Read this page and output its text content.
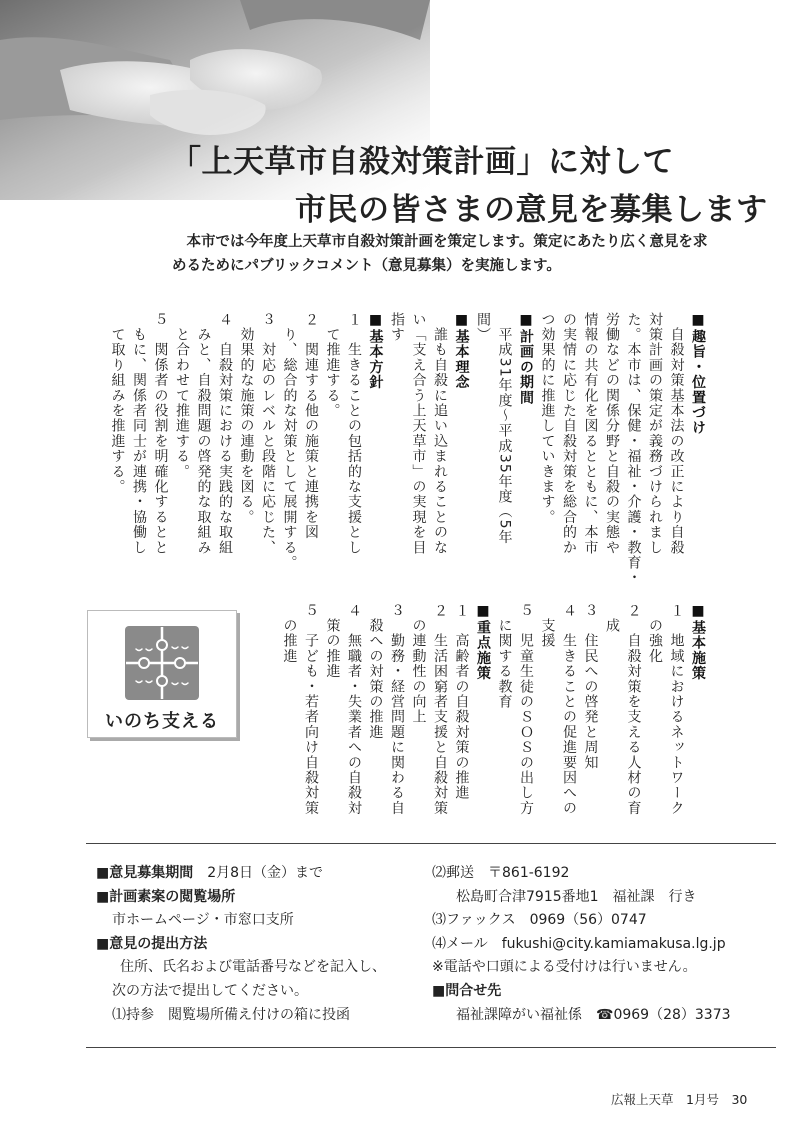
「上天草市自殺対策計画」に対して
市民の皆さまの意見を募集します

　本市では今年度上天草市自殺対策計画を策定します。策定にあたり広く意見を求

めるためにパブリックコメント（意見募集）を実施します。

■趣旨・位置づけ
　自殺対策基本法の改正により自殺
対策計画の策定が義務づけられまし
た。本市は、保健・福祉・介護・教育・
労働などの関係分野と自殺の実態や
情報の共有化を図るとともに、本市
の実情に応じた自殺対策を総合的か
つ効果的に推進していきます。
■計画の期間
　平成31年度〜平成35年度（5年
間）
■基本理念
　誰も自殺に追い込まれることのな
い「支え合う上天草市」の実現を目
指す
■基本方針
１　生きることの包括的な支援とし
　て推進する。
２　関連する他の施策と連携を図
　り、総合的な対策として展開する。
３　対応のレベルと段階に応じた、
　効果的な施策の連動を図る。
４　自殺対策における実践的な取組
　みと、自殺問題の啓発的な取組み
　と合わせて推進する。
５　関係者の役割を明確化するとと
　もに、関係者同士が連携・協働し
　て取り組みを推進する。
■基本施策
１　地域におけるネットワーク
　の強化
２　自殺対策を支える人材の育
　成
３　住民への啓発と周知
４　生きることの促進要因への
　支援
５　児童生徒のＳＯＳの出し方
　に関する教育
■重点施策
１　高齢者の自殺対策の推進
２　生活困窮者支援と自殺対策
　の連動性の向上
３　勤務・経営問題に関わる自
　殺への対策の推進
４　無職者・失業者への自殺対
　策の推進
５　子ども・若者向け自殺対策
　の推進
いのち支える
■意見募集期間　 2月8日（金）まで
■計画素案の閲覧場所
市ホームページ・市窓口支所
■意見の提出方法
住所、氏名および電話番号などを記入し、
次の方法で提出してください。
⑴持参　閲覧場所備え付けの箱に投函
⑵郵送　〒861-6192
松島町合津7915番地1　福祉課　行き
⑶ファックス　0969（56）0747
⑷メール　fukushi@city.kamiamakusa.lg.jp
※電話や口頭による受付けは行いません。
■問合せ先
福祉課障がい福祉係　☎0969（28）3373
広報上天草　1月号　30
